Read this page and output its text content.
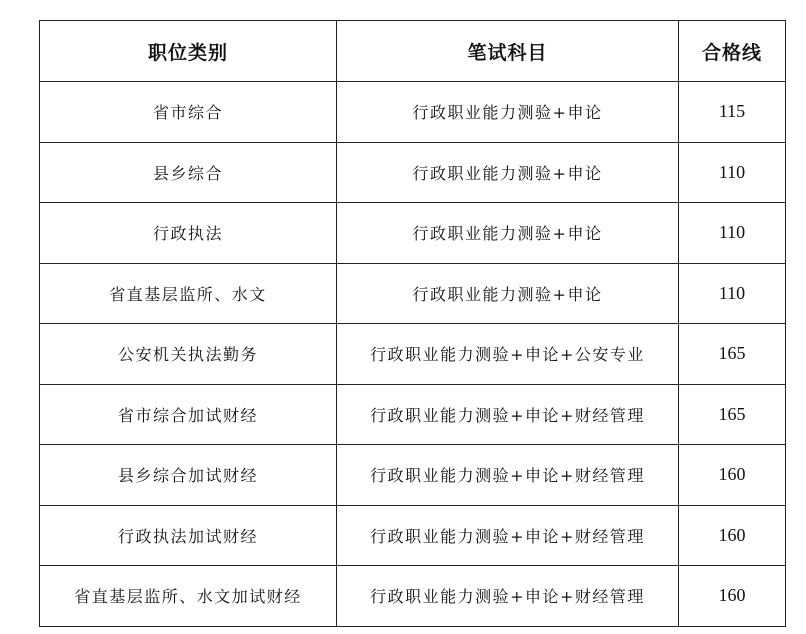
职位类别	笔试科目	合格线
省市综合	行政职业能力测验+申论	115
县乡综合	行政职业能力测验+申论	110
行政执法	行政职业能力测验+申论	110
省直基层监所、水文	行政职业能力测验+申论	110
公安机关执法勤务	行政职业能力测验+申论+公安专业	165
省市综合加试财经	行政职业能力测验+申论+财经管理	165
县乡综合加试财经	行政职业能力测验+申论+财经管理	160
行政执法加试财经	行政职业能力测验+申论+财经管理	160
省直基层监所、水文加试财经	行政职业能力测验+申论+财经管理	160
